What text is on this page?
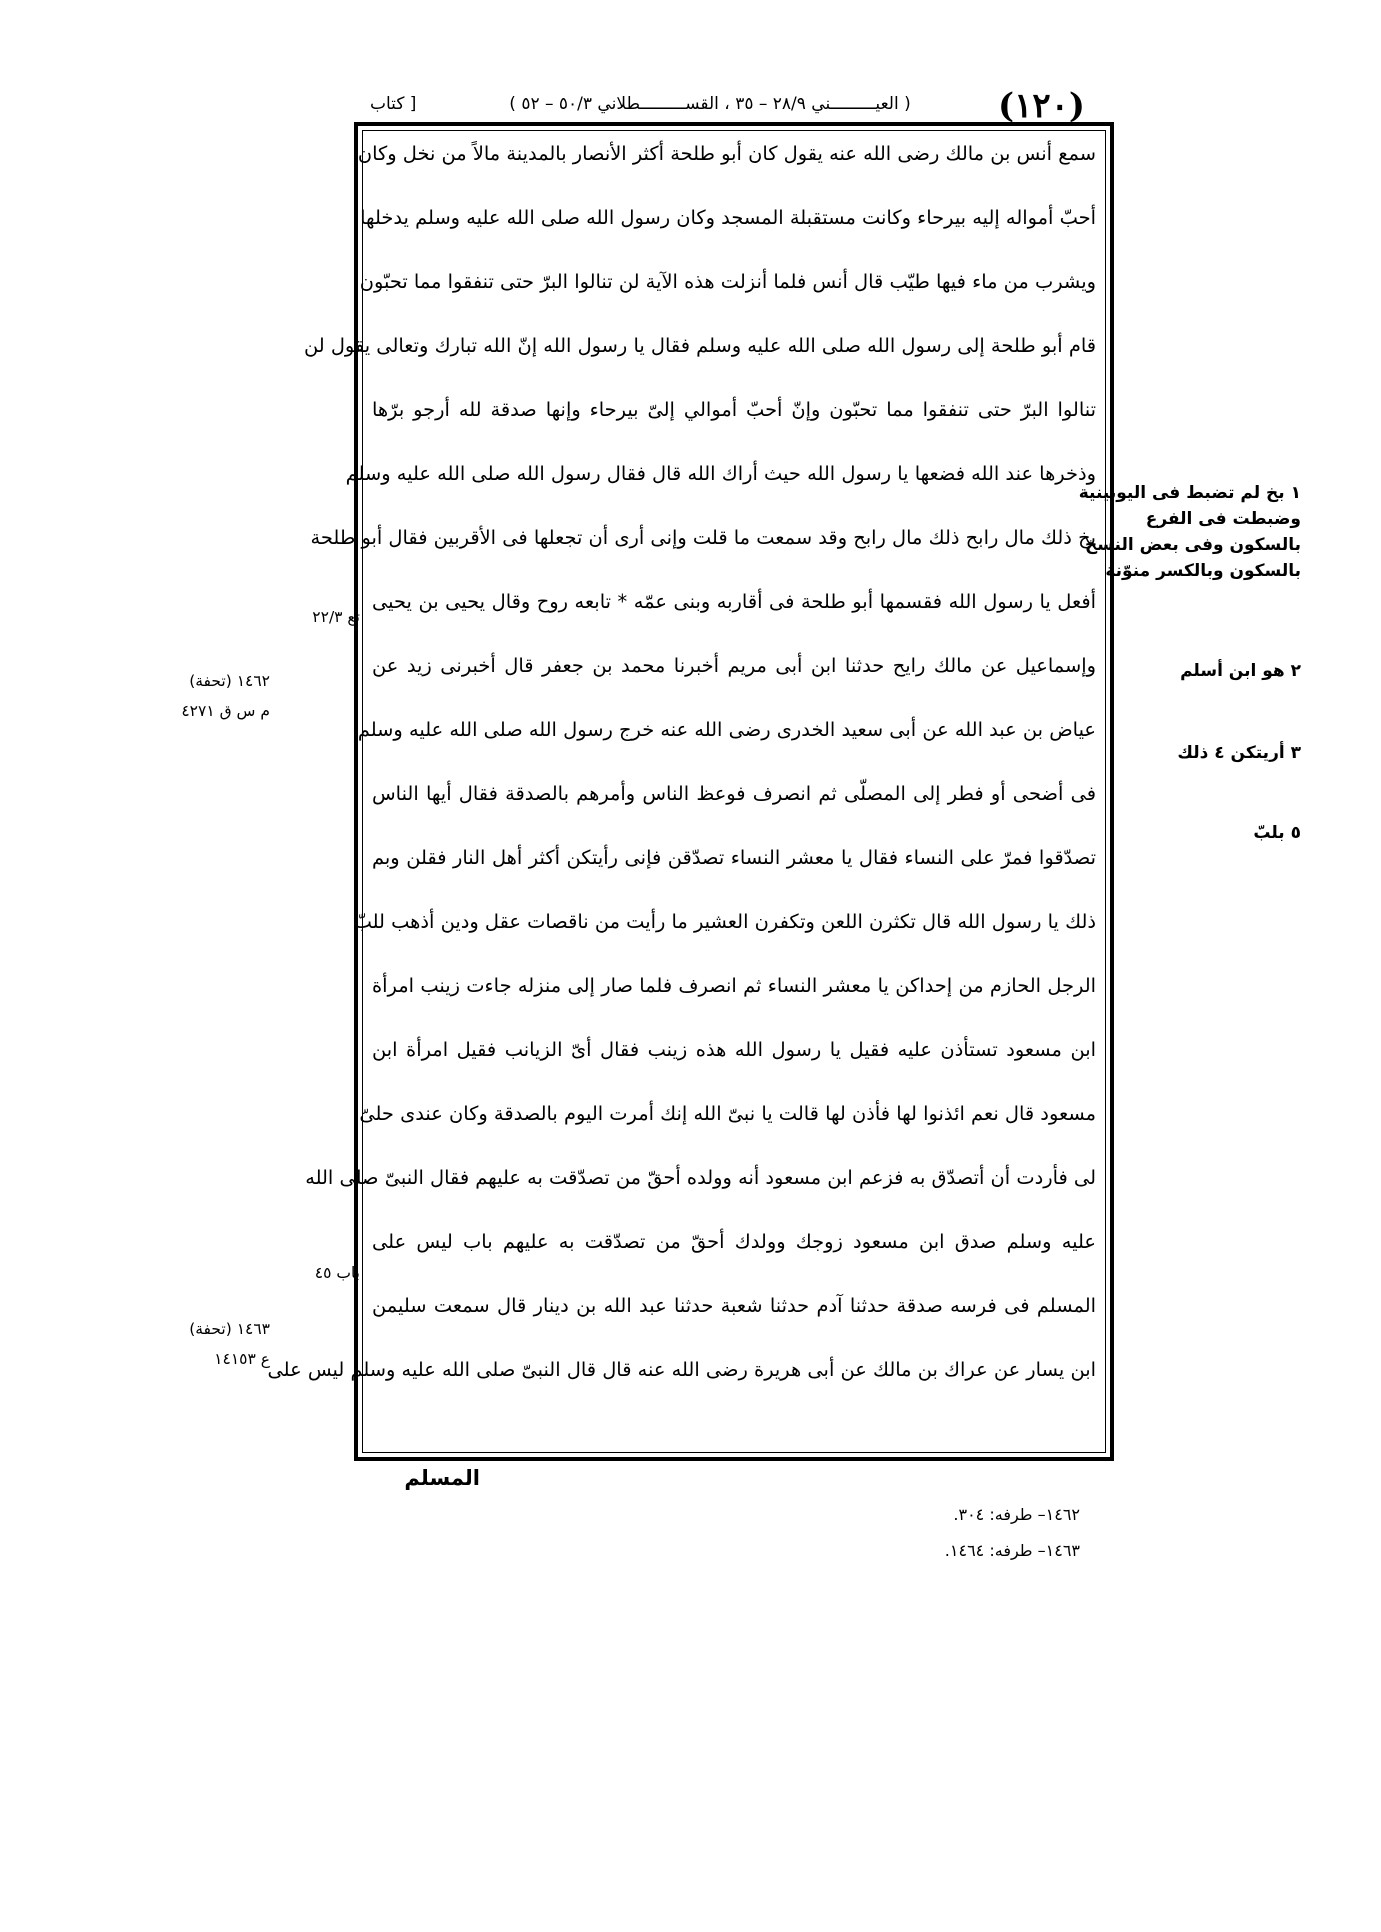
(١٢٠)
( العيـــــــــني ٢٨/٩ – ٣٥ ، القســـــــــطلاني ٥٠/٣ – ٥٢ )
[ كتاب
سمع أنس بن مالك رضى الله عنه يقول كان أبو طلحة أكثر الأنصار بالمدينة مالاً من نخل وكان
أحبّ أمواله إليه بيرحاء وكانت مستقبلة المسجد وكان رسول الله صلى الله عليه وسلم يدخلها
ويشرب من ماء فيها طيّب قال أنس فلما أنزلت هذه الآية لن تنالوا البرّ حتى تنفقوا مما تحبّون
قام أبو طلحة إلى رسول الله صلى الله عليه وسلم فقال يا رسول الله إنّ الله تبارك وتعالى يقول لن
تنالوا البرّ حتى تنفقوا مما تحبّون وإنّ أحبّ أموالي إلىّ بيرحاء وإنها صدقة لله أرجو برّها
وذخرها عند الله فضعها يا رسول الله حيث أراك الله قال فقال رسول الله صلى الله عليه وسلم
بخ ذلك مال رابح ذلك مال رابح وقد سمعت ما قلت وإنى أرى أن تجعلها فى الأقربين فقال أبو طلحة
أفعل يا رسول الله فقسمها أبو طلحة فى أقاربه وبنى عمّه * تابعه روح وقال يحيى بن يحيى
وإسماعيل عن مالك رايح حدثنا ابن أبى مريم أخبرنا محمد بن جعفر قال أخبرنى زيد عن
عياض بن عبد الله عن أبى سعيد الخدرى رضى الله عنه خرج رسول الله صلى الله عليه وسلم
فى أضحى أو فطر إلى المصلّى ثم انصرف فوعظ الناس وأمرهم بالصدقة فقال أيها الناس
تصدّقوا فمرّ على النساء فقال يا معشر النساء تصدّقن فإنى رأيتكن أكثر أهل النار فقلن وبم
ذلك يا رسول الله قال تكثرن اللعن وتكفرن العشير ما رأيت من ناقصات عقل ودين أذهب للبّ
الرجل الحازم من إحداكن يا معشر النساء ثم انصرف فلما صار إلى منزله جاءت زينب امرأة
ابن مسعود تستأذن عليه فقيل يا رسول الله هذه زينب فقال أىّ الزيانب فقيل امرأة ابن
مسعود قال نعم ائذنوا لها فأذن لها قالت يا نبىّ الله إنك أمرت اليوم بالصدقة وكان عندى حلىّ
لى فأردت أن أتصدّق به فزعم ابن مسعود أنه وولده أحقّ من تصدّقت به عليهم فقال النبىّ صلى الله
عليه وسلم صدق ابن مسعود زوجك وولدك أحقّ من تصدّقت به عليهم باب ليس على
المسلم فى فرسه صدقة حدثنا آدم حدثنا شعبة حدثنا عبد الله بن دينار قال سمعت سليمن
ابن يسار عن عراك بن مالك عن أبى هريرة رضى الله عنه قال قال النبىّ صلى الله عليه وسلم ليس على
المسلم
١ بخ لم تضبط فى اليونينية
وضبطت فى الفرع
بالسكون وفى بعض النسخ
بالسكون وبالكسر منوّنة
٢ هو ابن أسلم
٣ أريتكن ٤ ذلك
٥ بلبّ
تع ٢٢/٣
١٤٦٢ (تحفة)
م س ق ٤٢٧١
باب ٤٥
١٤٦٣ (تحفة)
ع ١٤١٥٣
١٤٦٢– طرفه: ٣٠٤.
١٤٦٣– طرفه: ١٤٦٤.
